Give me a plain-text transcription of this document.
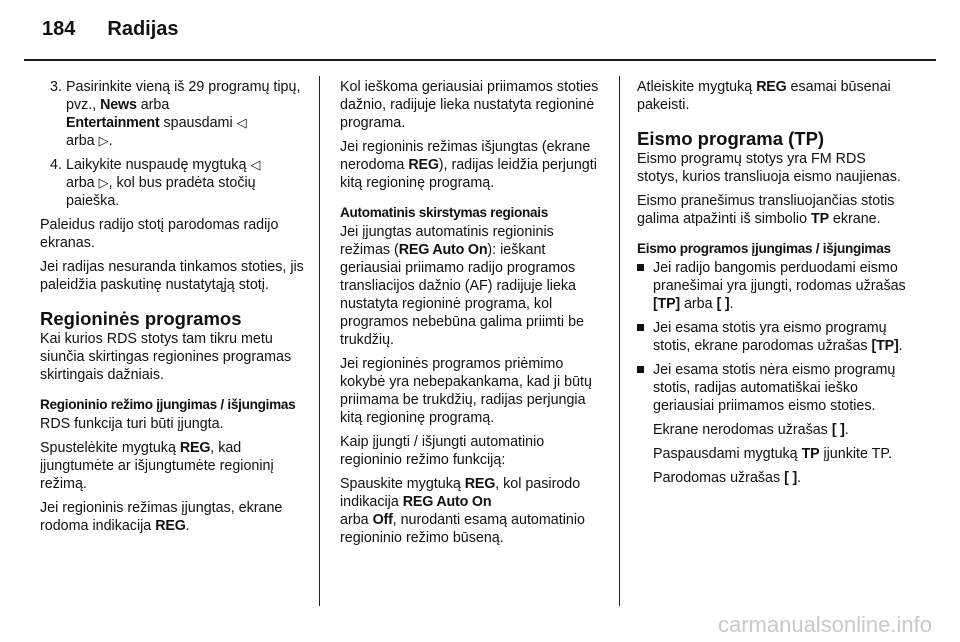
184 Radijas
3. Pasirinkite vieną iš 29 programų tipų, pvz., News arba
Entertainment spausdami ◁
arba ▷.
4. Laikykite nuspaudę mygtuką ◁
arba ▷, kol bus pradėta stočių paieška.

Paleidus radijo stotį parodomas radijo ekranas.

Jei radijas nesuranda tinkamos stoties, jis paleidžia paskutinę nustatytąją stotį.

Regioninės programos

Kai kurios RDS stotys tam tikru metu siunčia skirtingas regionines programas skirtingais dažniais.

Regioninio režimo įjungimas / išjungimas

RDS funkcija turi būti įjungta.

Spustelėkite mygtuką REG, kad įjungtumėte ar išjungtumėte regioninį režimą.

Jei regioninis režimas įjungtas, ekrane rodoma indikacija REG.

Kol ieškoma geriausiai priimamos stoties dažnio, radijuje lieka nustatyta regioninė programa.

Jei regioninis režimas išjungtas (ekrane nerodoma REG), radijas leidžia perjungti kitą regioninę programą.

Automatinis skirstymas regionais

Jei įjungtas automatinis regioninis režimas (REG Auto On): ieškant geriausiai priimamo radijo programos transliacijos dažnio (AF) radijuje lieka nustatyta regioninė programa, kol programos nebebūna galima priimti be trukdžių.

Jei regioninės programos priėmimo kokybė yra nebepakankama, kad ji būtų priimama be trukdžių, radijas perjungia kitą regioninę programą.

Kaip įjungti / išjungti automatinio regioninio režimo funkciją:

Spauskite mygtuką REG, kol pasirodo indikacija REG Auto On
arba Off, nurodanti esamą automatinio regioninio režimo būseną.

Atleiskite mygtuką REG esamai būsenai pakeisti.

Eismo programa (TP)

Eismo programų stotys yra FM RDS stotys, kurios transliuoja eismo naujienas.

Eismo pranešimus transliuojančias stotis galima atpažinti iš simbolio TP ekrane.

Eismo programos įjungimas / išjungimas
Jei radijo bangomis perduodami eismo pranešimai yra įjungti, rodomas užrašas [TP] arba [ ].
Jei esama stotis yra eismo programų stotis, ekrane parodomas užrašas [TP].
Jei esama stotis nėra eismo programų stotis, radijas automatiškai ieško geriausiai priimamos eismo stoties.

Ekrane nerodomas užrašas [ ].

Paspausdami mygtuką TP įjunkite TP.

Parodomas užrašas [ ].

carmanualsonline.info
